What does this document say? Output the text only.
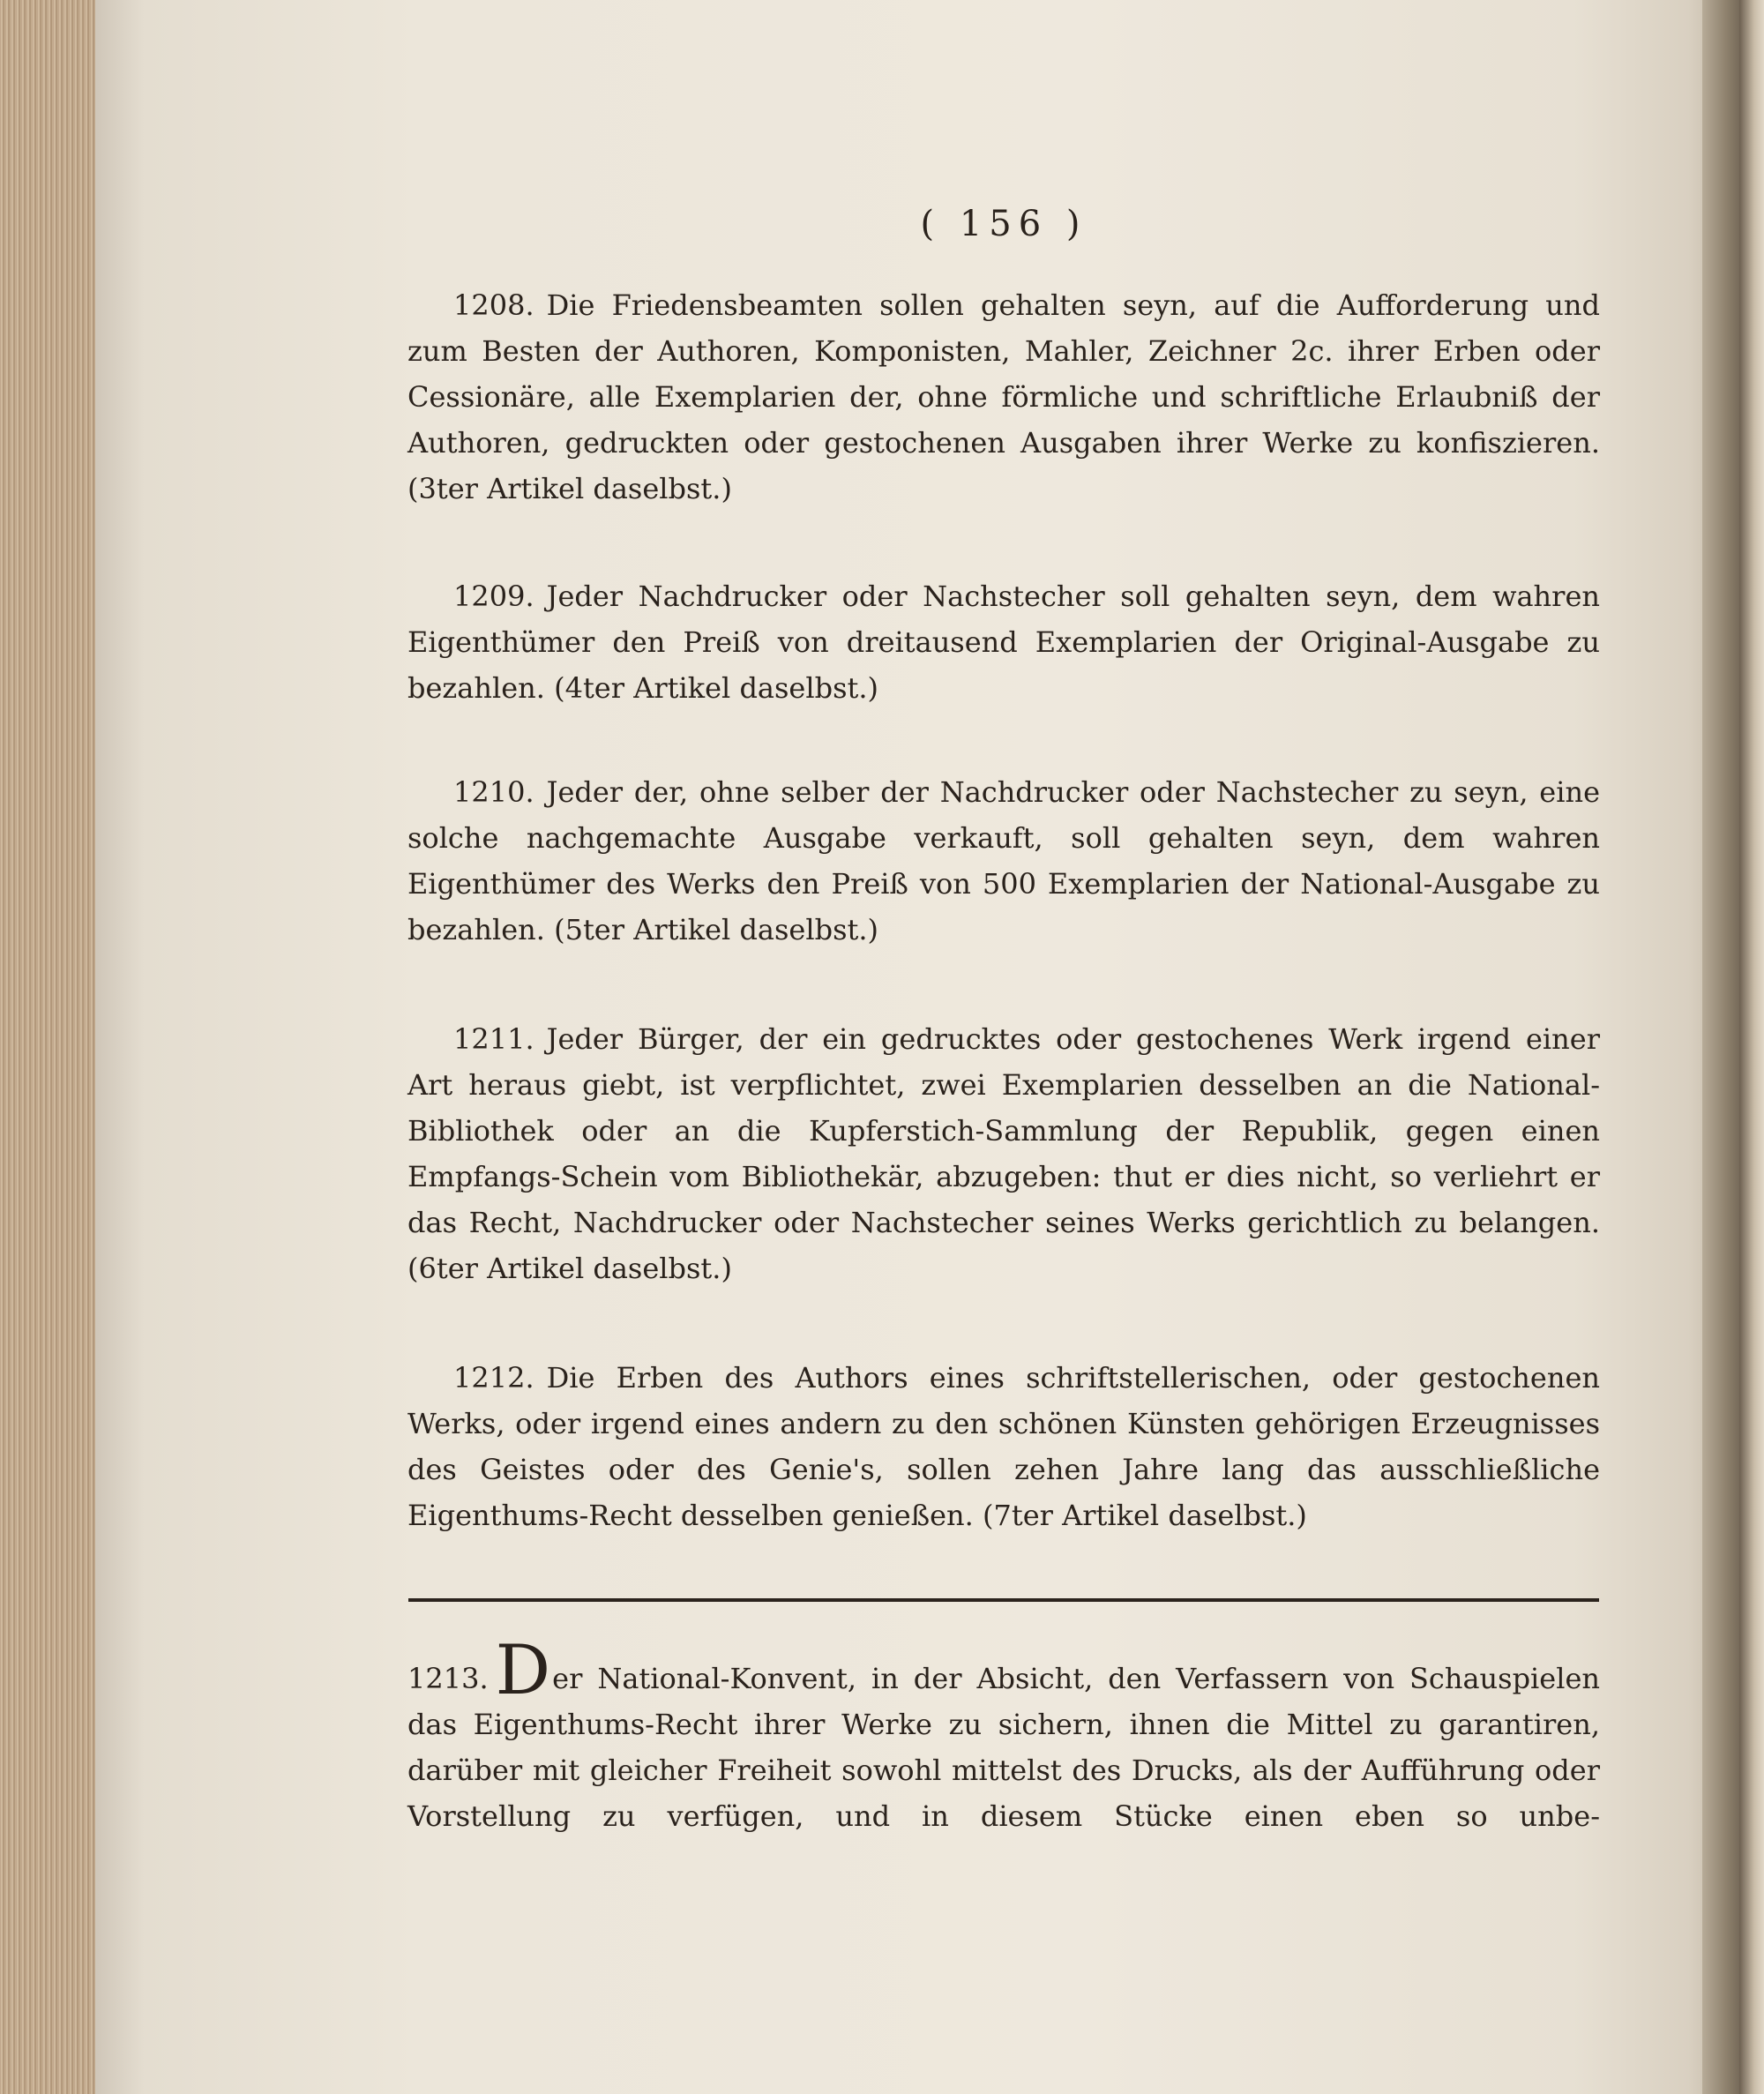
( 156 )

1208. Die Friedensbeamten sollen gehalten seyn, auf die Aufforderung und zum Besten der Authoren, Komponisten, Mahler, Zeichner 2c. ihrer Erben oder Cessionäre, alle Exemplarien der, ohne förmliche und schriftliche Erlaubniß der Authoren, gedruckten oder gestochenen Ausgaben ihrer Werke zu konfiszieren. (3ter Artikel daselbst.)

1209. Jeder Nachdrucker oder Nachstecher soll gehalten seyn, dem wahren Eigenthümer den Preiß von dreitausend Exemplarien der Original-Ausgabe zu bezahlen. (4ter Artikel daselbst.)

1210. Jeder der, ohne selber der Nachdrucker oder Nachstecher zu seyn, eine solche nachgemachte Ausgabe verkauft, soll gehalten seyn, dem wahren Eigenthümer des Werks den Preiß von 500 Exemplarien der National-Ausgabe zu bezahlen. (5ter Artikel daselbst.)

1211. Jeder Bürger, der ein gedrucktes oder gestochenes Werk irgend einer Art heraus giebt, ist verpflichtet, zwei Exemplarien desselben an die National-Bibliothek oder an die Kupferstich-Sammlung der Republik, gegen einen Empfangs-Schein vom Bibliothekär, abzugeben: thut er dies nicht, so verliehrt er das Recht, Nachdrucker oder Nachstecher seines Werks gerichtlich zu belangen. (6ter Artikel daselbst.)

1212. Die Erben des Authors eines schriftstellerischen, oder gestochenen Werks, oder irgend eines andern zu den schönen Künsten gehörigen Erzeugnisses des Geistes oder des Genie's, sollen zehen Jahre lang das ausschließliche Eigenthums-Recht desselben genießen. (7ter Artikel daselbst.)

1213. Der National-Konvent, in der Absicht, den Verfassern von Schauspielen das Eigenthums-Recht ihrer Werke zu sichern, ihnen die Mittel zu garantiren, darüber mit gleicher Freiheit sowohl mittelst des Drucks, als der Aufführung oder Vorstellung zu verfügen, und in diesem Stücke einen eben so unbe-
